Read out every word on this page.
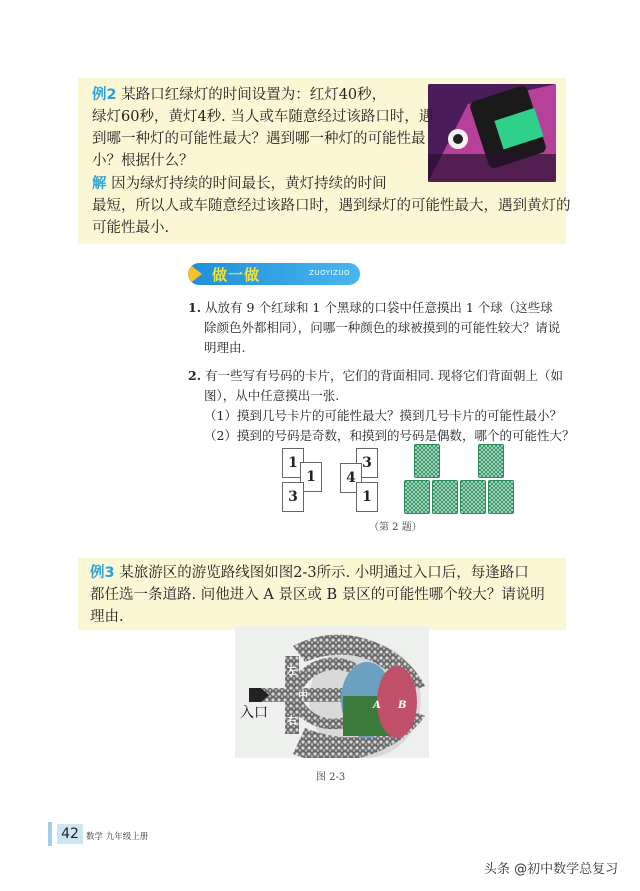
例2 某路口红绿灯的时间设置为：红灯40秒，
绿灯60秒，黄灯4秒. 当人或车随意经过该路口时，遇
到哪一种灯的可能性最大？遇到哪一种灯的可能性最
小？根据什么？
解 因为绿灯持续的时间最长，黄灯持续的时间
最短，所以人或车随意经过该路口时，遇到绿灯的可能性最大，遇到黄灯的
可能性最小.
做一做	ZUOYIZUO
1. 从放有 9 个红球和 1 个黑球的口袋中任意摸出 1 个球（这些球
除颜色外都相同），问哪一种颜色的球被摸到的可能性较大？请说
明理由.
2. 有一些写有号码的卡片，它们的背面相同. 现将它们背面朝上（如
图），从中任意摸出一张.
（1）摸到几号卡片的可能性最大？摸到几号卡片的可能性最小？
（2）摸到的号码是奇数，和摸到的号码是偶数，哪个的可能性大？
1
1
3
3
4
1
（第 2 题）
例3 某旅游区的游览路线图如图2-3所示. 小明通过入口后，每逢路口
都任选一条道路. 问他进入 A 景区或 B 景区的可能性哪个较大？请说明
理由.
入口
左
中
右
A B
图 2-3
42 数学 九年级上册
头条 @初中数学总复习
